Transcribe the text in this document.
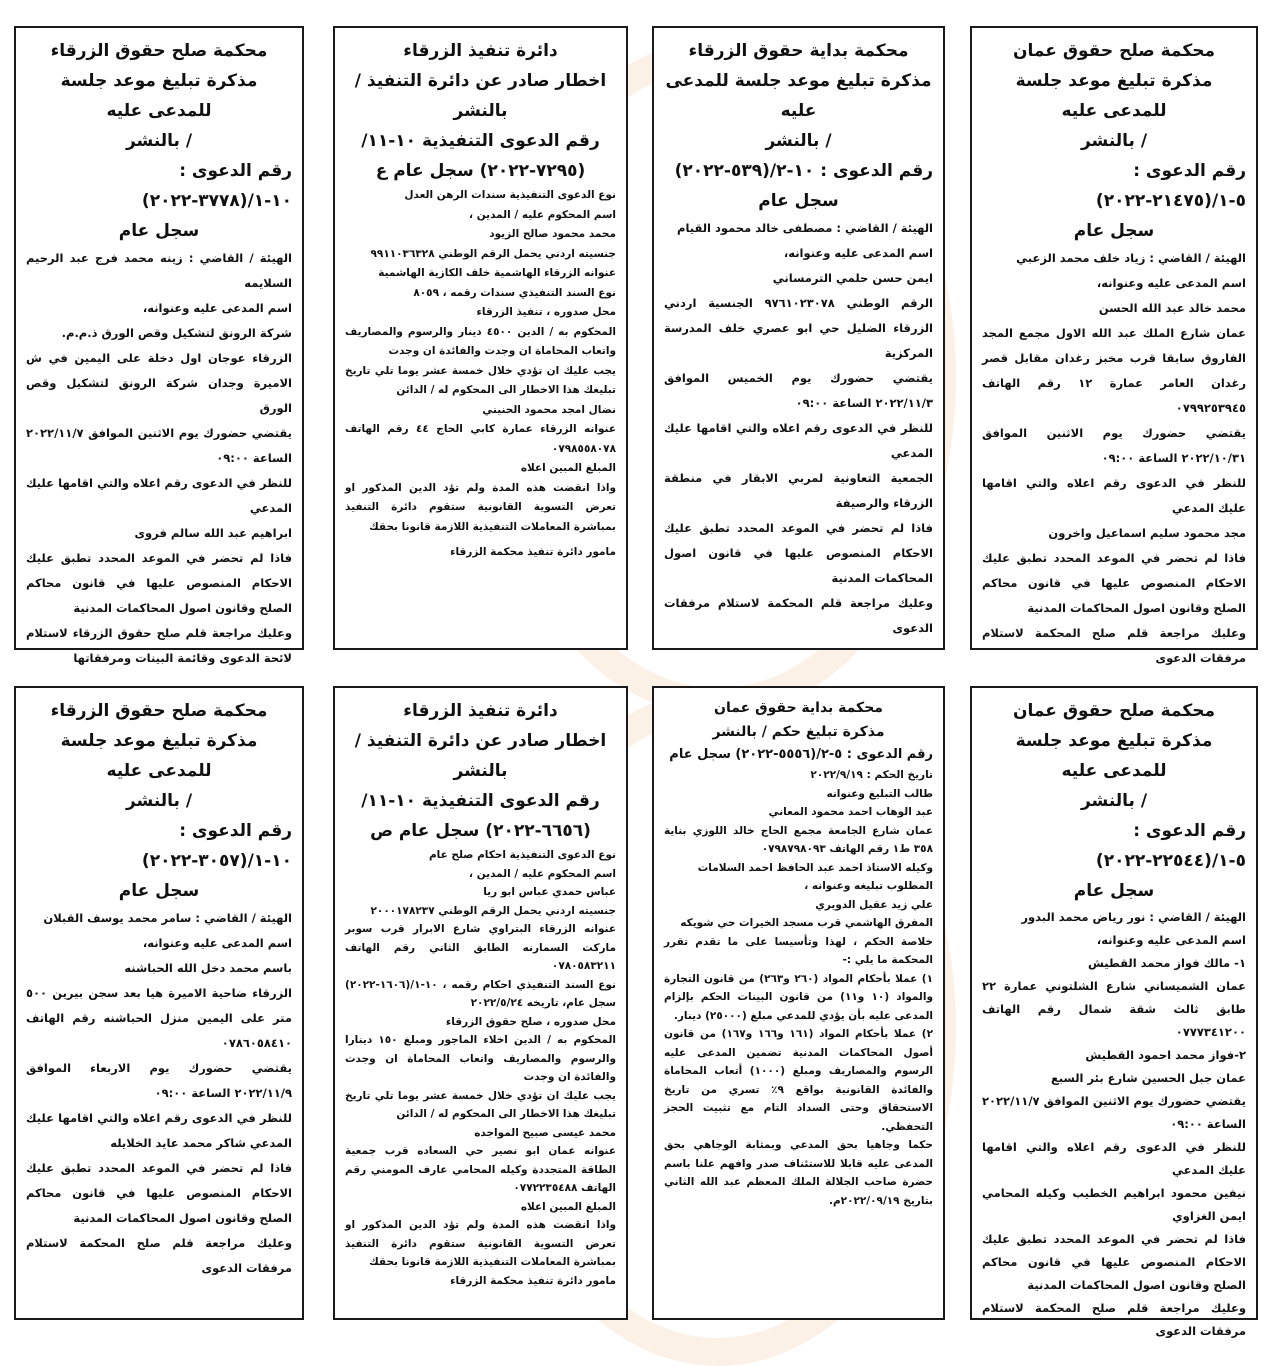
محكمة صلح حقوق عمان
مذكرة تبليغ موعد جلسة للمدعى عليه
/ بالنشر
رقم الدعوى : ٥-١/(٢١٤٧٥-٢٠٢٢)
سجل عام

الهيئة / القاضي : زياد خلف محمد الزعبي

اسم المدعى عليه وعنوانه،

محمد خالد عبد الله الحسن

عمان شارع الملك عبد الله الاول مجمع المجد الفاروق سابقا قرب مخبز رغدان مقابل قصر رغدان العامر عمارة ١٢ رقم الهاتف ٠٧٩٩٢٥٣٩٤٥

يقتضي حضورك يوم الاثنين الموافق ٢٠٢٢/١٠/٣١ الساعة ٠٩:٠٠

للنظر في الدعوى رقم اعلاه والتي اقامها عليك المدعي

مجد محمود سليم اسماعيل واخرون

فاذا لم تحضر في الموعد المحدد تطبق عليك الاحكام المنصوص عليها في قانون محاكم الصلح وقانون اصول المحاكمات المدنية

وعليك مراجعة قلم صلح المحكمة لاستلام مرفقات الدعوى

محكمة بداية حقوق الزرقاء
مذكرة تبليغ موعد جلسة للمدعى عليه
/ بالنشر
رقم الدعوى : ١٠-٢/(٥٣٩-٢٠٢٢)
سجل عام

الهيئة / القاضي : مصطفى خالد محمود القيام

اسم المدعى عليه وعنوانه،

ايمن حسن حلمي الترمساني

الرقم الوطني ٩٧٦١٠٢٣٠٧٨ الجنسية اردني الزرقاء الضليل حي ابو عصري خلف المدرسة المركزية

يقتضي حضورك يوم الخميس الموافق ٢٠٢٢/١١/٣ الساعة ٠٩:٠٠

للنظر في الدعوى رقم اعلاه والتي اقامها عليك المدعي

الجمعية التعاونية لمربي الابقار في منطقة الزرقاء والرصيفة

فاذا لم تحضر في الموعد المحدد تطبق عليك الاحكام المنصوص عليها في قانون اصول المحاكمات المدنية

وعليك مراجعة قلم المحكمة لاستلام مرفقات الدعوى

دائرة تنفيذ الزرقاء
اخطار صادر عن دائرة التنفيذ / بالنشر
رقم الدعوى التنفيذية ١٠-١١/
(٧٢٩٥-٢٠٢٢) سجل عام ع

نوع الدعوى التنفيذية سندات الرهن العدل

اسم المحكوم عليه / المدين ،

محمد محمود صالح الزيود

جنسيته اردني يحمل الرقم الوطني ٩٩١١٠٣٦٣٢٨

عنوانه الزرقاء الهاشمية خلف الكازية الهاشمية

نوع السند التنفيذي سندات رقمه ، ٨٠٥٩

محل صدوره ، تنفيذ الزرقاء

المحكوم به / الدين ٤٥٠٠ دينار والرسوم والمصاريف واتعاب المحاماة ان وجدت والفائدة ان وجدت

يجب عليك ان تؤدي خلال خمسة عشر يوما تلي تاريخ تبليغك هذا الاخطار الى المحكوم له / الدائن

نضال امجد محمود الحنيني

عنوانه الزرقاء عمارة كابي الحاج ٤٤ رقم الهاتف ٠٧٩٨٥٥٨٠٧٨

المبلغ المبين اعلاه

واذا انقضت هذه المدة ولم تؤد الدين المذكور او تعرض التسوية القانونية ستقوم دائرة التنفيذ بمباشرة المعاملات التنفيذية اللازمة قانونا بحقك

مامور دائرة تنفيذ محكمة الزرقاء

محكمة صلح حقوق الزرقاء
مذكرة تبليغ موعد جلسة للمدعى عليه
/ بالنشر
رقم الدعوى : ١٠-١/(٣٧٧٨-٢٠٢٢)
سجل عام

الهيئة / القاضي : زينه محمد فرج عبد الرحيم السلايمه

اسم المدعى عليه وعنوانه،

شركة الرونق لتشكيل وقص الورق ذ.م.م.

الزرقاء عوجان اول دخلة على اليمين في ش الاميرة وجدان شركة الرونق لتشكيل وقص الورق

يقتضي حضورك يوم الاثنين الموافق ٢٠٢٢/١١/٧ الساعة ٠٩:٠٠

للنظر في الدعوى رقم اعلاه والتي اقامها عليك المدعي

ابراهيم عبد الله سالم فروى

فاذا لم تحضر في الموعد المحدد تطبق عليك الاحكام المنصوص عليها في قانون محاكم الصلح وقانون اصول المحاكمات المدنية

وعليك مراجعة قلم صلح حقوق الزرقاء لاستلام لائحة الدعوى وقائمة البينات ومرفقاتها

محكمة صلح حقوق عمان
مذكرة تبليغ موعد جلسة للمدعى عليه
/ بالنشر
رقم الدعوى : ٥-١/(٢٢٥٤٤-٢٠٢٢)
سجل عام

الهيئة / القاضي : نور رياض محمد البدور

اسم المدعى عليه وعنوانه،

١- مالك فواز محمد القطيش

عمان الشميساني شارع الشلتوني عمارة ٢٢ طابق ثالث شقة شمال رقم الهاتف ٠٧٧٧٣٤١٢٠٠

٢-فواز محمد احمود القطيش

عمان جبل الحسين شارع بئر السبع

يقتضي حضورك يوم الاثنين الموافق ٢٠٢٢/١١/٧ الساعة ٠٩:٠٠

للنظر في الدعوى رقم اعلاه والتي اقامها عليك المدعي

نيفين محمود ابراهيم الخطيب وكيله المحامي ايمن الغزاوي

فاذا لم تحضر في الموعد المحدد تطبق عليك الاحكام المنصوص عليها في قانون محاكم الصلح وقانون اصول المحاكمات المدنية

وعليك مراجعة قلم صلح المحكمة لاستلام مرفقات الدعوى

محكمة بداية حقوق عمان
مذكرة تبليغ حكم / بالنشر

رقم الدعوى : ٥-٢/(٥٥٥٦-٢٠٢٢) سجل عام

تاريخ الحكم : ٢٠٢٢/٩/١٩

طالب التبليغ وعنوانه

عبد الوهاب احمد محمود المعاني

عمان شارع الجامعة مجمع الحاج خالد اللوزي بناية ٣٥٨ ط١ رقم الهاتف ٠٧٩٨٧٩٨٠٩٣

وكيله الاستاذ احمد عبد الحافظ احمد السلامات

المطلوب تبليغه وعنوانه ،

علي زيد عقيل الدويري

المفرق الهاشمي قرب مسجد الخيرات حي شويكه

خلاصة الحكم ، لهذا وتأسيسا على ما تقدم تقرر المحكمة ما يلي :-

١) عملا بأحكام المواد (٢٦٠ و٢٦٣) من قانون التجارة والمواد (١٠ و١١) من قانون البينات الحكم بإلزام المدعى عليه بأن يؤدي للمدعي مبلغ (٢٥٠٠٠) دينار.

٢) عملا بأحكام المواد (١٦١ و١٦٦ و١٦٧) من قانون أصول المحاكمات المدنية تضمين المدعى عليه الرسوم والمصاريف ومبلغ (١٠٠٠) أتعاب المحاماة والفائدة القانونية بواقع ٩٪ تسري من تاريخ الاستحقاق وحتى السداد التام مع تثبيت الحجز التحفظي.

حكما وجاهيا بحق المدعي وبمثابة الوجاهي بحق المدعى عليه قابلا للاستئناف صدر وافهم علنا باسم حضرة صاحب الجلالة الملك المعظم عبد الله الثاني بتاريخ ٢٠٢٢/٠٩/١٩م.

دائرة تنفيذ الزرقاء
اخطار صادر عن دائرة التنفيذ / بالنشر
رقم الدعوى التنفيذية ١٠-١١/
(٦٦٥٦-٢٠٢٢) سجل عام ص

نوع الدعوى التنفيذية احكام صلح عام

اسم المحكوم عليه / المدين ،

عباس حمدي عباس ابو ريا

جنسيته اردني يحمل الرقم الوطني ٢٠٠٠١٧٨٢٣٧

عنوانه الزرقاء البتراوي شارع الابرار قرب سوبر ماركت السمارنه الطابق الثاني رقم الهاتف ٠٧٨٠٥٨٣٢١١

نوع السند التنفيذي احكام رقمه ، ١٠-١/(١٦٠٦-٢٠٢٢) سجل عام، تاريخه ٢٠٢٢/٥/٢٤

محل صدوره ، صلح حقوق الزرقاء

المحكوم به / الدين اخلاء الماجور ومبلغ ١٥٠ دينارا والرسوم والمصاريف واتعاب المحاماة ان وجدت والفائدة ان وجدت

يجب عليك ان تؤدي خلال خمسة عشر يوما تلي تاريخ تبليغك هذا الاخطار الى المحكوم له / الدائن

محمد عيسى صبيح المواجده

عنوانه عمان ابو نصير حي السعاده قرب جمعية الطاقة المتجددة وكيله المحامي عارف المومني رقم الهاتف ٠٧٧٢٢٣٥٤٨٨

المبلغ المبين اعلاه

واذا انقضت هذه المدة ولم تؤد الدين المذكور او تعرض التسوية القانونية ستقوم دائرة التنفيذ بمباشرة المعاملات التنفيذية اللازمة قانونا بحقك

مامور دائرة تنفيذ محكمة الزرقاء

محكمة صلح حقوق الزرقاء
مذكرة تبليغ موعد جلسة للمدعى عليه
/ بالنشر
رقم الدعوى : ١٠-١/(٣٠٥٧-٢٠٢٢)
سجل عام

الهيئة / القاضي : سامر محمد يوسف القبلان

اسم المدعى عليه وعنوانه،

باسم محمد دخل الله الحباشنه

الزرقاء ضاحية الاميرة هيا بعد سجن بيرين ٥٠٠ متر على اليمين منزل الحباشنه رقم الهاتف ٠٧٨٦٠٥٨٤١٠

يقتضي حضورك يوم الاربعاء الموافق ٢٠٢٢/١١/٩ الساعة ٠٩:٠٠

للنظر في الدعوى رقم اعلاه والتي اقامها عليك المدعي شاكر محمد عايد الخلايله

فاذا لم تحضر في الموعد المحدد تطبق عليك الاحكام المنصوص عليها في قانون محاكم الصلح وقانون اصول المحاكمات المدنية

وعليك مراجعة قلم صلح المحكمة لاستلام مرفقات الدعوى
